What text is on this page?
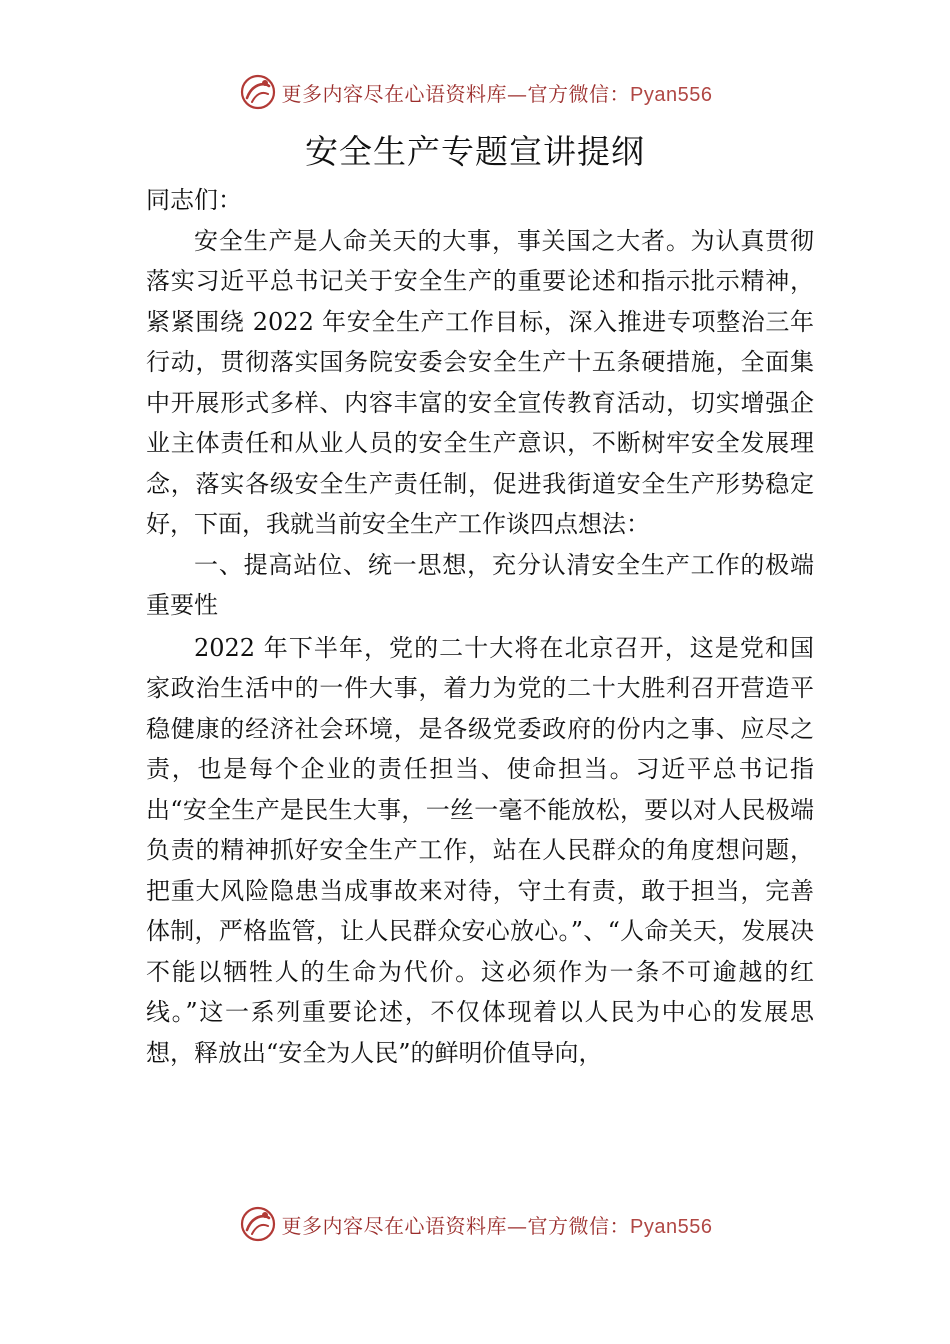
更多内容尽在心语资料库—官方微信：Pyan556
安全生产专题宣讲提纲

同志们：

安全生产是人命关天的大事，事关国之大者。为认真贯彻落实习近平总书记关于安全生产的重要论述和指示批示精神，紧紧围绕 2022 年安全生产工作目标，深入推进专项整治三年行动，贯彻落实国务院安委会安全生产十五条硬措施，全面集中开展形式多样、内容丰富的安全宣传教育活动，切实增强企业主体责任和从业人员的安全生产意识，不断树牢安全发展理念，落实各级安全生产责任制，促进我街道安全生产形势稳定好，下面，我就当前安全生产工作谈四点想法：

一、提高站位、统一思想，充分认清安全生产工作的极端重要性

2022 年下半年，党的二十大将在北京召开，这是党和国家政治生活中的一件大事，着力为党的二十大胜利召开营造平稳健康的经济社会环境，是各级党委政府的份内之事、应尽之责，也是每个企业的责任担当、使命担当。习近平总书记指出“安全生产是民生大事，一丝一毫不能放松，要以对人民极端负责的精神抓好安全生产工作，站在人民群众的角度想问题，把重大风险隐患当成事故来对待，守土有责，敢于担当，完善体制，严格监管，让人民群众安心放心。”、“人命关天，发展决不能以牺牲人的生命为代价。这必须作为一条不可逾越的红线。”这一系列重要论述，不仅体现着以人民为中心的发展思想，释放出“安全为人民”的鲜明价值导向，

更多内容尽在心语资料库—官方微信：Pyan556
